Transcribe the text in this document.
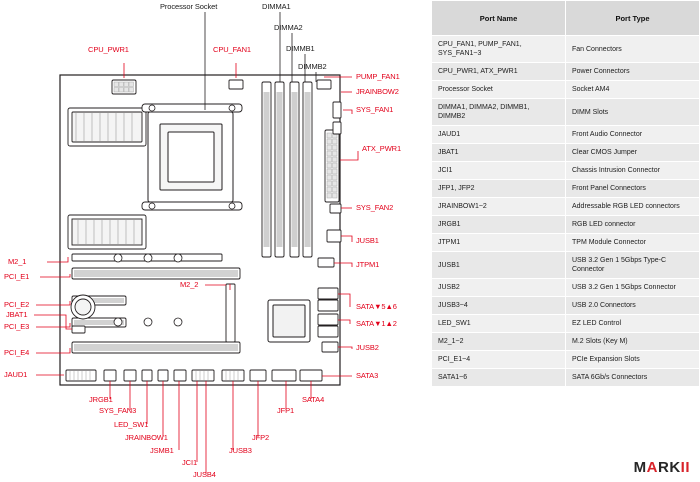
Processor Socket	DIMMA1
DIMMA2
DIMMB1
DIMMB2
CPU_PWR1	CPU_FAN1
PUMP_FAN1
JRAINBOW2
SYS_FAN1
ATX_PWR1
SYS_FAN2
JUSB1
JTPM1
SATA▼5▲6
SATA▼1▲2
JUSB2
SATA3
M2_1
PCI_E1
PCI_E2
JBAT1
PCI_E3
PCI_E4
JAUD1
M2_2
JRGB1
SYS_FAN3
LED_SW1
JRAINBOW1
JSMB1
JCI1
JUSB4
JUSB3
JFP2
JFP1
SATA4
Port Name	Port Type
CPU_FAN1, PUMP_FAN1,
SYS_FAN1~3	Fan Connectors
CPU_PWR1, ATX_PWR1	Power Connectors
Processor Socket	Socket AM4
DIMMA1, DIMMA2, DIMMB1,
DIMMB2	DIMM Slots
JAUD1	Front Audio Connector
JBAT1	Clear CMOS Jumper
JCI1	Chassis Intrusion Connector
JFP1, JFP2	Front Panel Connectors
JRAINBOW1~2	Addressable RGB LED connectors
JRGB1	RGB LED connector
JTPM1	TPM Module Connector
JUSB1	USB 3.2 Gen 1 5Gbps Type-C Connector
JUSB2	USB 3.2 Gen 1 5Gbps Connector
JUSB3~4	USB 2.0 Connectors
LED_SW1	EZ LED Control
M2_1~2	M.2 Slots (Key M)
PCI_E1~4	PCIe Expansion Slots
SATA1~6	SATA 6Gb/s Connectors
MARKII
